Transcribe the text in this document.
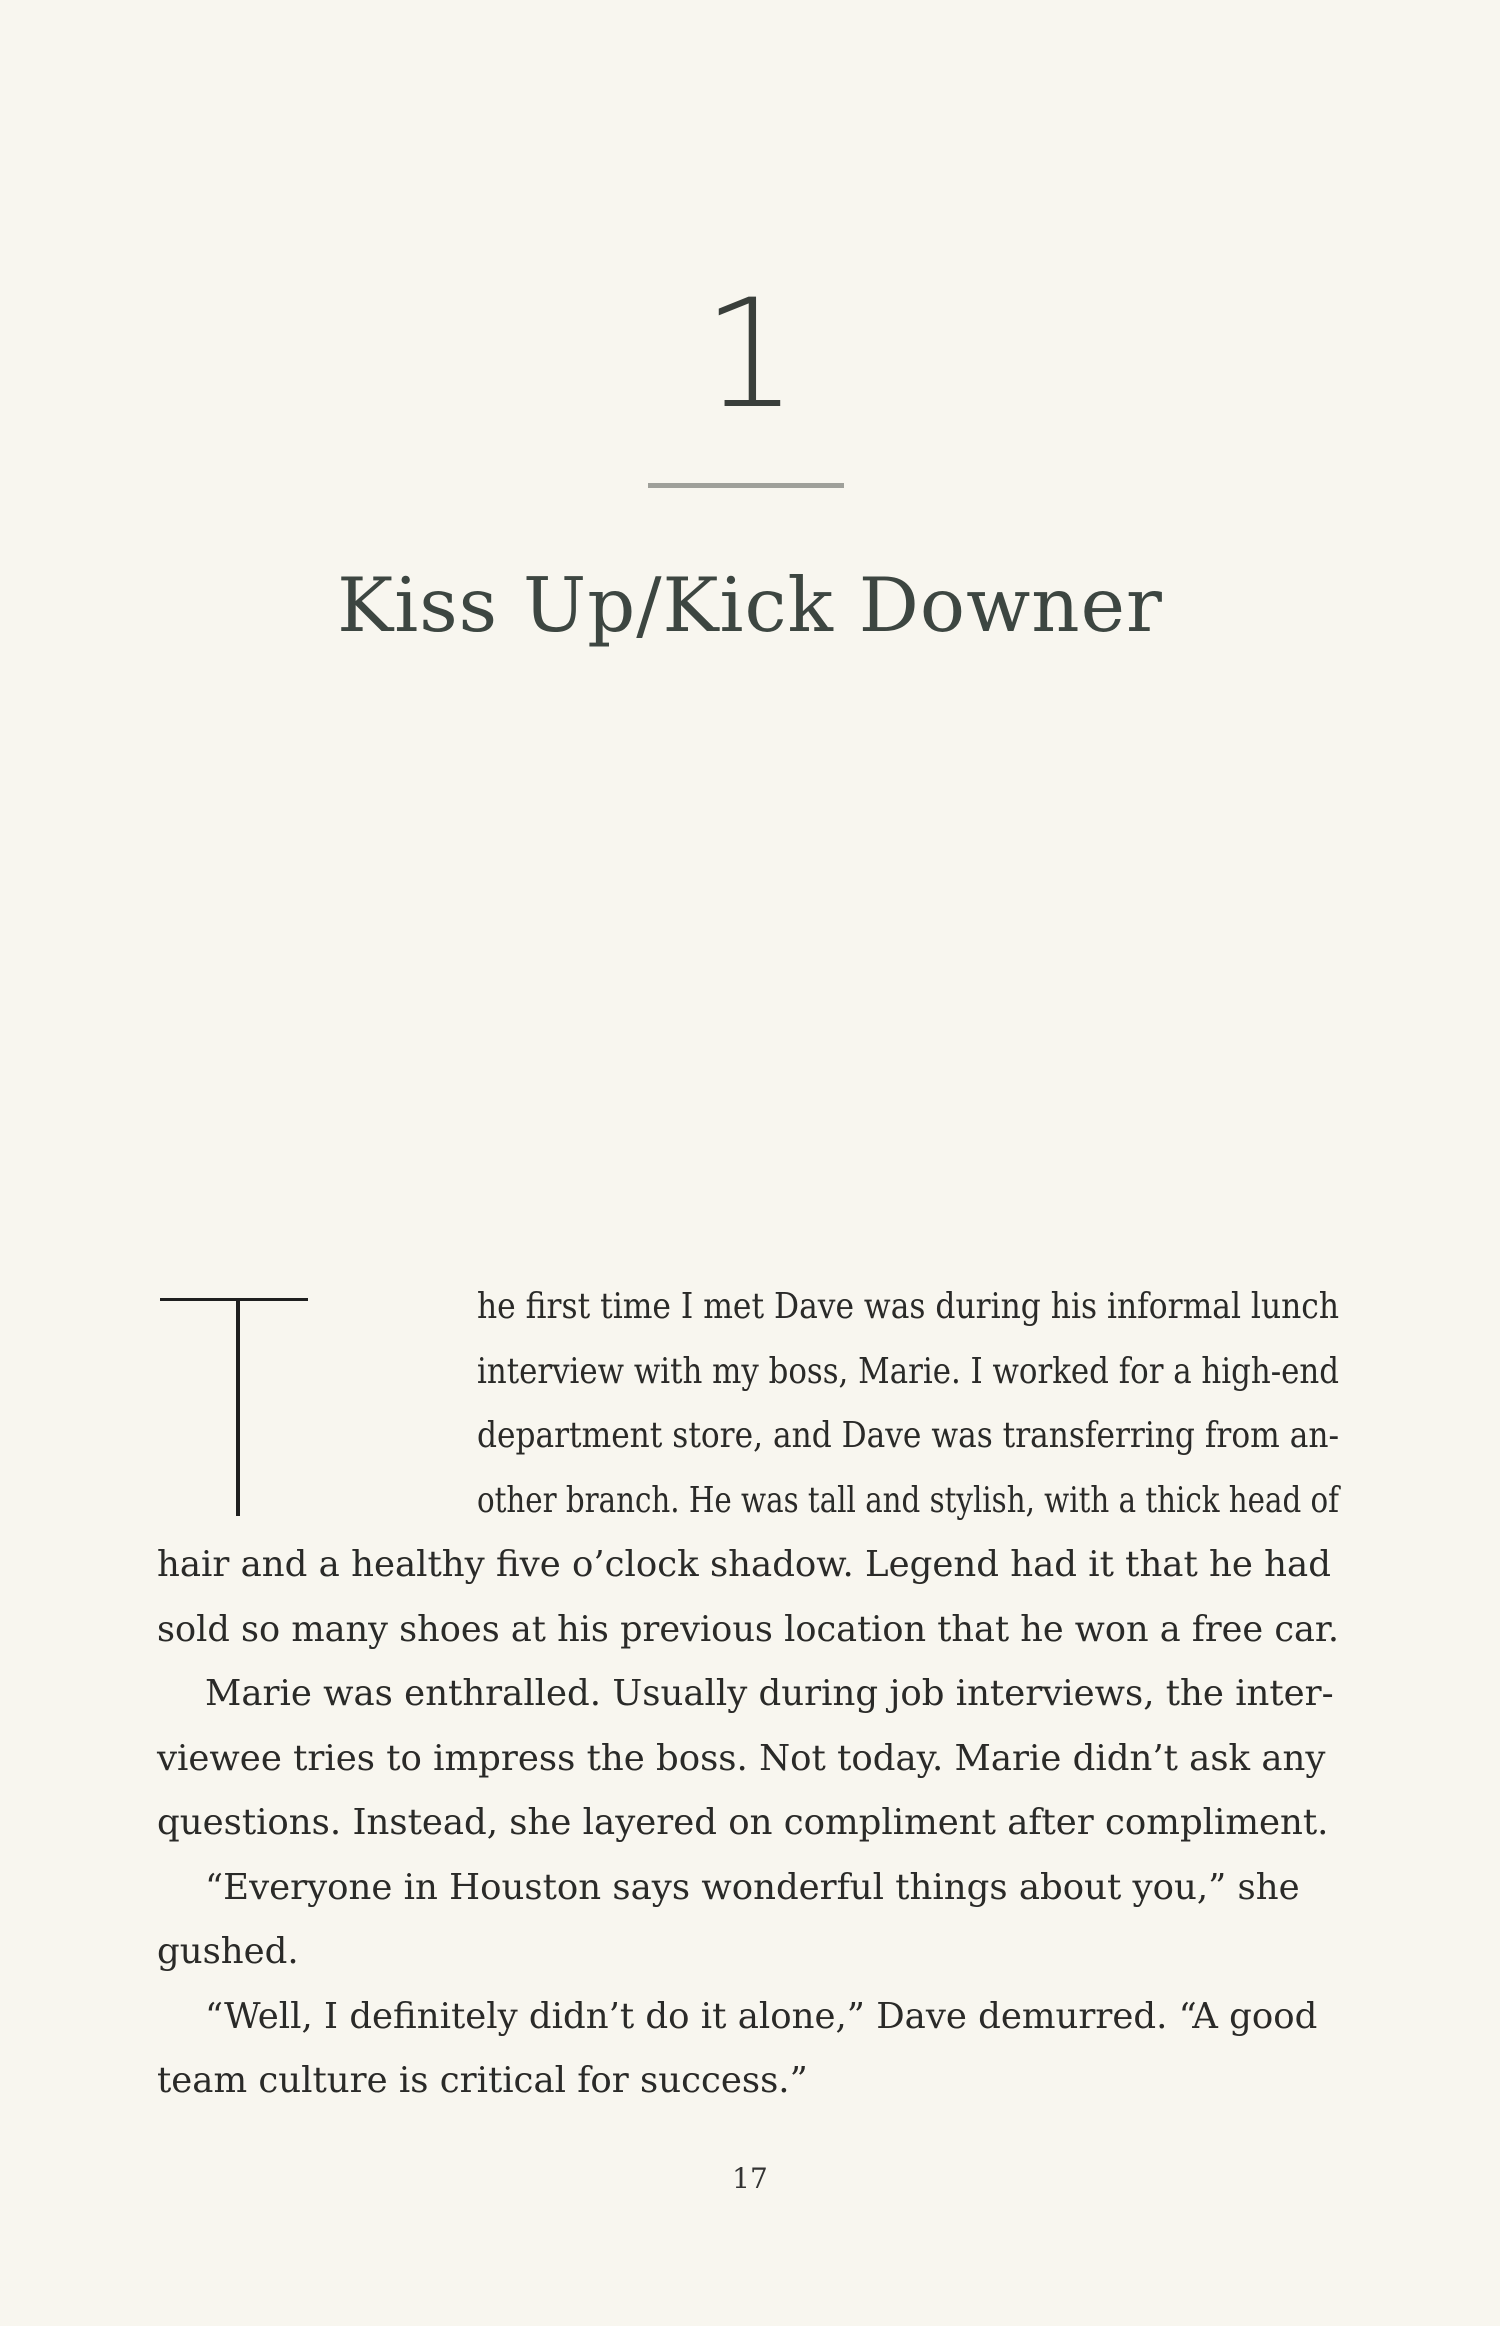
1
Kiss Up/Kick Downer
he first time I met Dave was during his informal lunch
interview with my boss, Marie. I worked for a high-end
department store, and Dave was transferring from an-
other branch. He was tall and stylish, with a thick head of
hair and a healthy five o’clock shadow. Legend had it that he had
sold so many shoes at his previous location that he won a free car.
Marie was enthralled. Usually during job interviews, the inter-
viewee tries to impress the boss. Not today. Marie didn’t ask any
questions. Instead, she layered on compliment after compliment.
“Everyone in Houston says wonderful things about you,” she
gushed.
“Well, I definitely didn’t do it alone,” Dave demurred. “A good
team culture is critical for success.”
17
